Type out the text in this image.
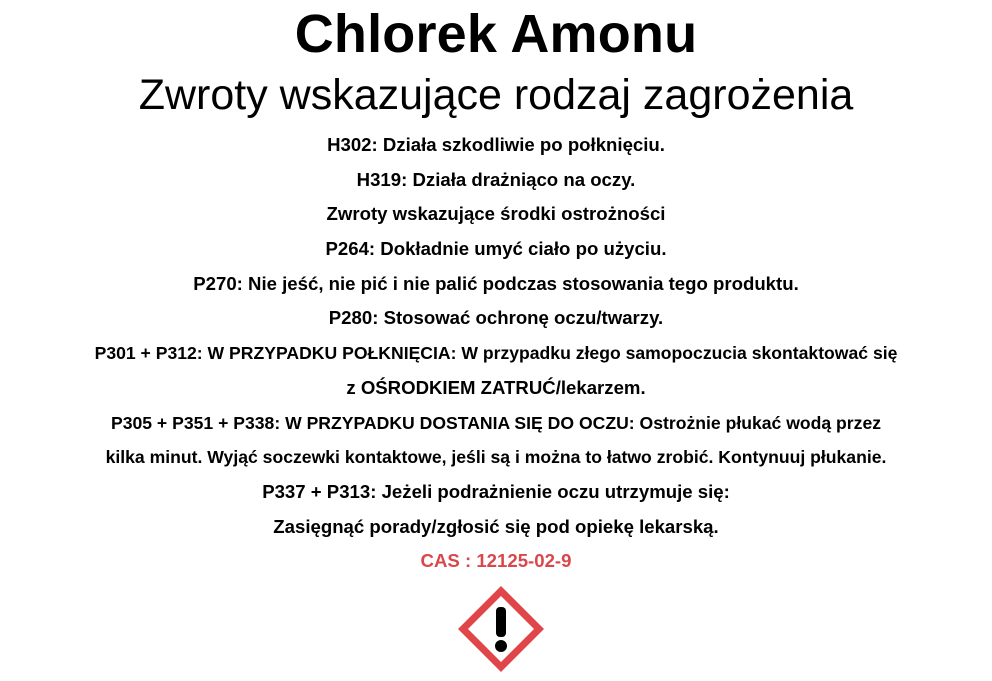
Chlorek Amonu
Zwroty wskazujące rodzaj zagrożenia
H302: Działa szkodliwie po połknięciu.
H319: Działa drażniąco na oczy.
Zwroty wskazujące środki ostrożności
P264: Dokładnie umyć ciało po użyciu.
P270: Nie jeść, nie pić i nie palić podczas stosowania tego produktu.
P280: Stosować ochronę oczu/twarzy.
P301 + P312: W PRZYPADKU POŁKNIĘCIA: W przypadku złego samopoczucia skontaktować się
z OŚRODKIEM ZATRUĆ/lekarzem.
P305 + P351 + P338: W PRZYPADKU DOSTANIA SIĘ DO OCZU: Ostrożnie płukać wodą przez
kilka minut. Wyjąć soczewki kontaktowe, jeśli są i można to łatwo zrobić. Kontynuuj płukanie.
P337 + P313: Jeżeli podrażnienie oczu utrzymuje się:
Zasięgnąć porady/zgłosić się pod opiekę lekarską.
CAS : 12125-02-9
